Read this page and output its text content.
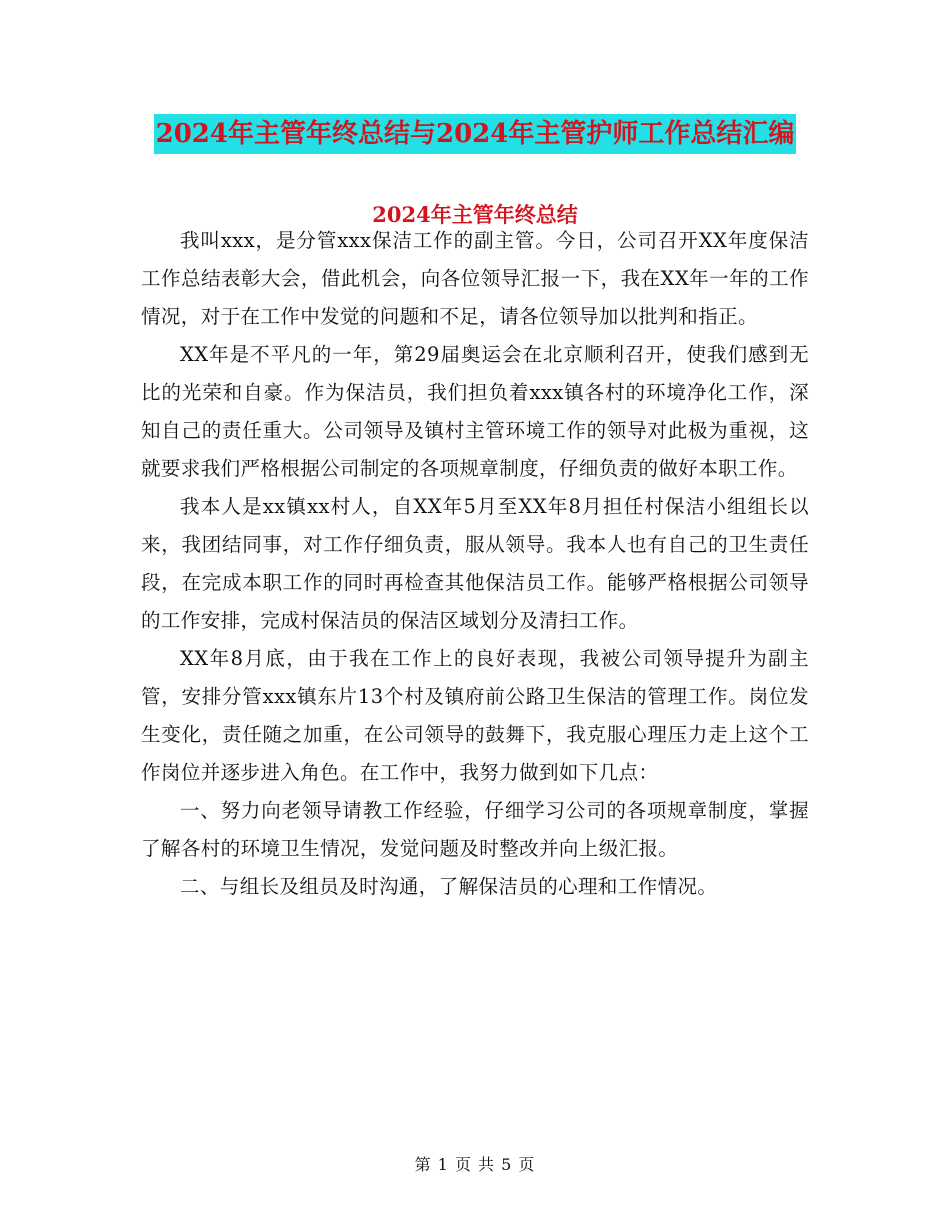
2024年主管年终总结与2024年主管护师工作总结汇编
2024年主管年终总结

我叫xxx，是分管xxx保洁工作的副主管。今日，公司召开XX年度保洁工作总结表彰大会，借此机会，向各位领导汇报一下，我在XX年一年的工作情况，对于在工作中发觉的问题和不足，请各位领导加以批判和指正。

XX年是不平凡的一年，第29届奥运会在北京顺利召开，使我们感到无比的光荣和自豪。作为保洁员，我们担负着xxx镇各村的环境净化工作，深知自己的责任重大。公司领导及镇村主管环境工作的领导对此极为重视，这就要求我们严格根据公司制定的各项规章制度，仔细负责的做好本职工作。

我本人是xx镇xx村人，自XX年5月至XX年8月担任村保洁小组组长以来，我团结同事，对工作仔细负责，服从领导。我本人也有自己的卫生责任段，在完成本职工作的同时再检查其他保洁员工作。能够严格根据公司领导的工作安排，完成村保洁员的保洁区域划分及清扫工作。

XX年8月底，由于我在工作上的良好表现，我被公司领导提升为副主管，安排分管xxx镇东片13个村及镇府前公路卫生保洁的管理工作。岗位发生变化，责任随之加重，在公司领导的鼓舞下，我克服心理压力走上这个工作岗位并逐步进入角色。在工作中，我努力做到如下几点：

一、努力向老领导请教工作经验，仔细学习公司的各项规章制度，掌握了解各村的环境卫生情况，发觉问题及时整改并向上级汇报。

二、与组长及组员及时沟通，了解保洁员的心理和工作情况。

第 1 页 共 5 页
